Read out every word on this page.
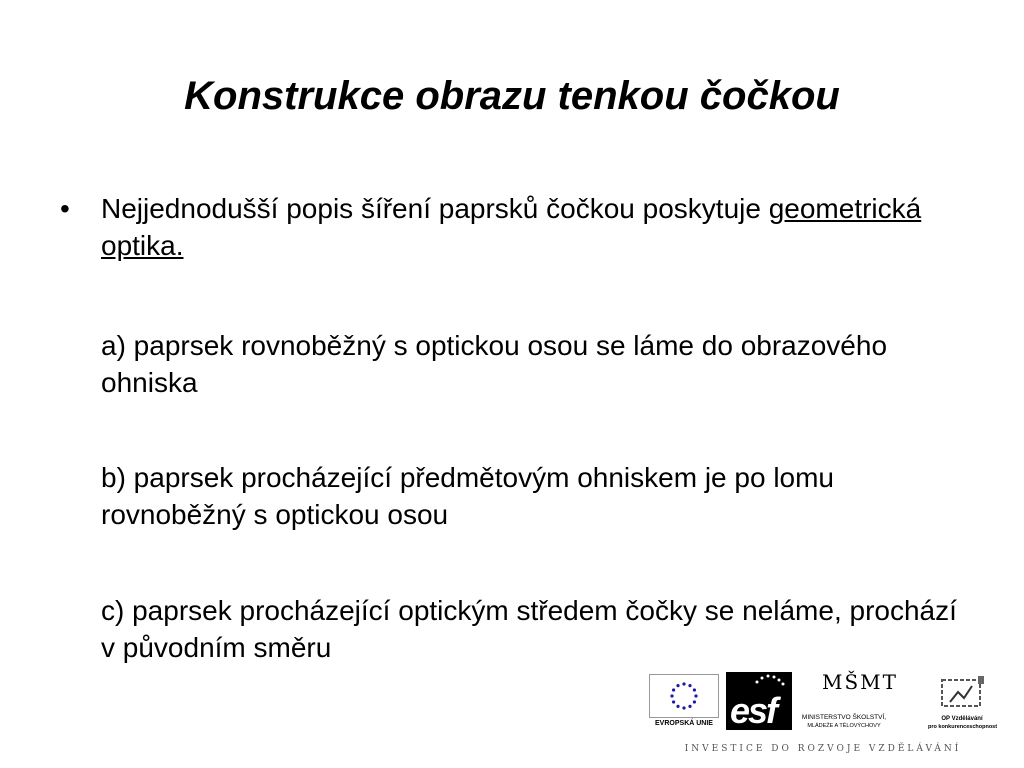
Konstrukce obrazu tenkou čočkou
• Nejjednodušší popis šíření paprsků čočkou poskytuje geometrická optika.

a) paprsek rovnoběžný s optickou osou se láme do obrazového ohniska

b) paprsek procházející předmětovým ohniskem je po lomu rovnoběžný s optickou osou

c) paprsek procházející optickým středem čočky se neláme, prochází v původním směru

EVROPSKÁ UNIE esf
MŠMT
MINISTERSTVO ŠKOLSTVÍ,
MLÁDEŽE A TĚLOVÝCHOVY
OP Vzdělávání
pro konkurenceschopnost
INVESTICE DO ROZVOJE VZDĚLÁVÁNÍ
